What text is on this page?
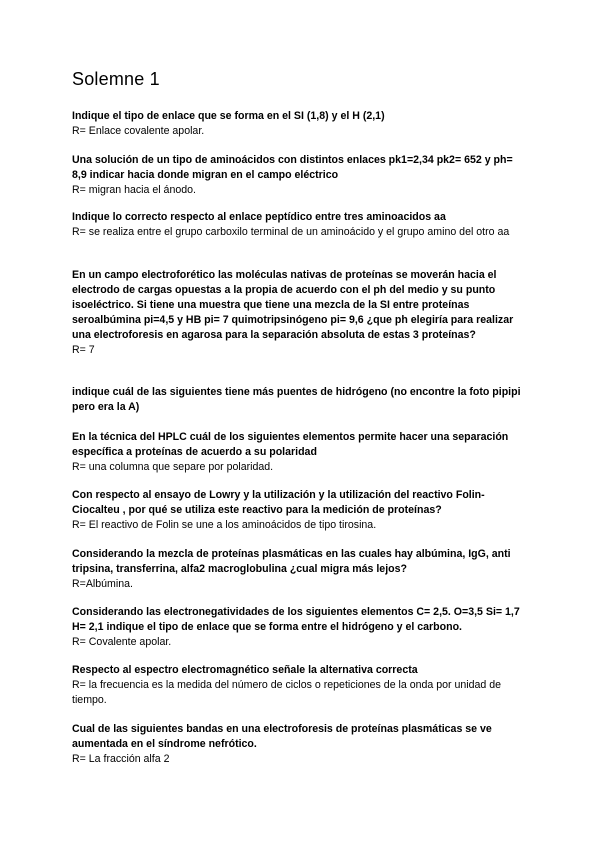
Solemne 1

Indique el tipo de enlace que se forma en el SI (1,8) y el H (2,1)

R= Enlace covalente apolar.

Una solución de un tipo de aminoácidos con distintos enlaces pk1=2,34 pk2= 652 y ph= 8,9 indicar hacia donde migran en el campo eléctrico

R= migran hacia el ánodo.

Indique lo correcto respecto al enlace peptídico entre tres aminoacidos aa

R= se realiza entre el grupo carboxilo terminal de un aminoácido y el grupo amino del otro aa

En un campo electroforético las moléculas nativas de proteínas se moverán hacia el electrodo de cargas opuestas a la propia de acuerdo con el ph del medio y su punto isoeléctrico. Si tiene una muestra que tiene una mezcla de la SI entre proteínas seroalbúmina pi=4,5 y HB pi= 7 quimotripsinógeno pi= 9,6 ¿que ph elegiría para realizar una electroforesis en agarosa para la separación absoluta de estas 3 proteínas?

R= 7

indique cuál de las siguientes tiene más puentes de hidrógeno (no encontre la foto pipipi pero era la A)

En la técnica del HPLC cuál de los siguientes elementos permite hacer una separación específica a proteínas de acuerdo a su polaridad

R= una columna que separe por polaridad.

Con respecto al ensayo de Lowry y la utilización y la utilización del reactivo Folin-Ciocalteu , por qué se utiliza este reactivo para la medición de proteínas?

R= El reactivo de Folin se une a los aminoácidos de tipo tirosina.

Considerando la mezcla de proteínas plasmáticas en las cuales hay albúmina, IgG, anti tripsina, transferrina, alfa2 macroglobulina ¿cual migra más lejos?

R=Albúmina.

Considerando las electronegatividades de los siguientes elementos C= 2,5. O=3,5 Si= 1,7 H= 2,1 indique el tipo de enlace que se forma entre el hidrógeno y el carbono.

R= Covalente apolar.

Respecto al espectro electromagnético señale la alternativa correcta

R= la frecuencia es la medida del número de ciclos o repeticiones de la onda por unidad de tiempo.

Cual de las siguientes bandas en una electroforesis de proteínas plasmáticas se ve aumentada en el síndrome nefrótico.

R= La fracción alfa 2
